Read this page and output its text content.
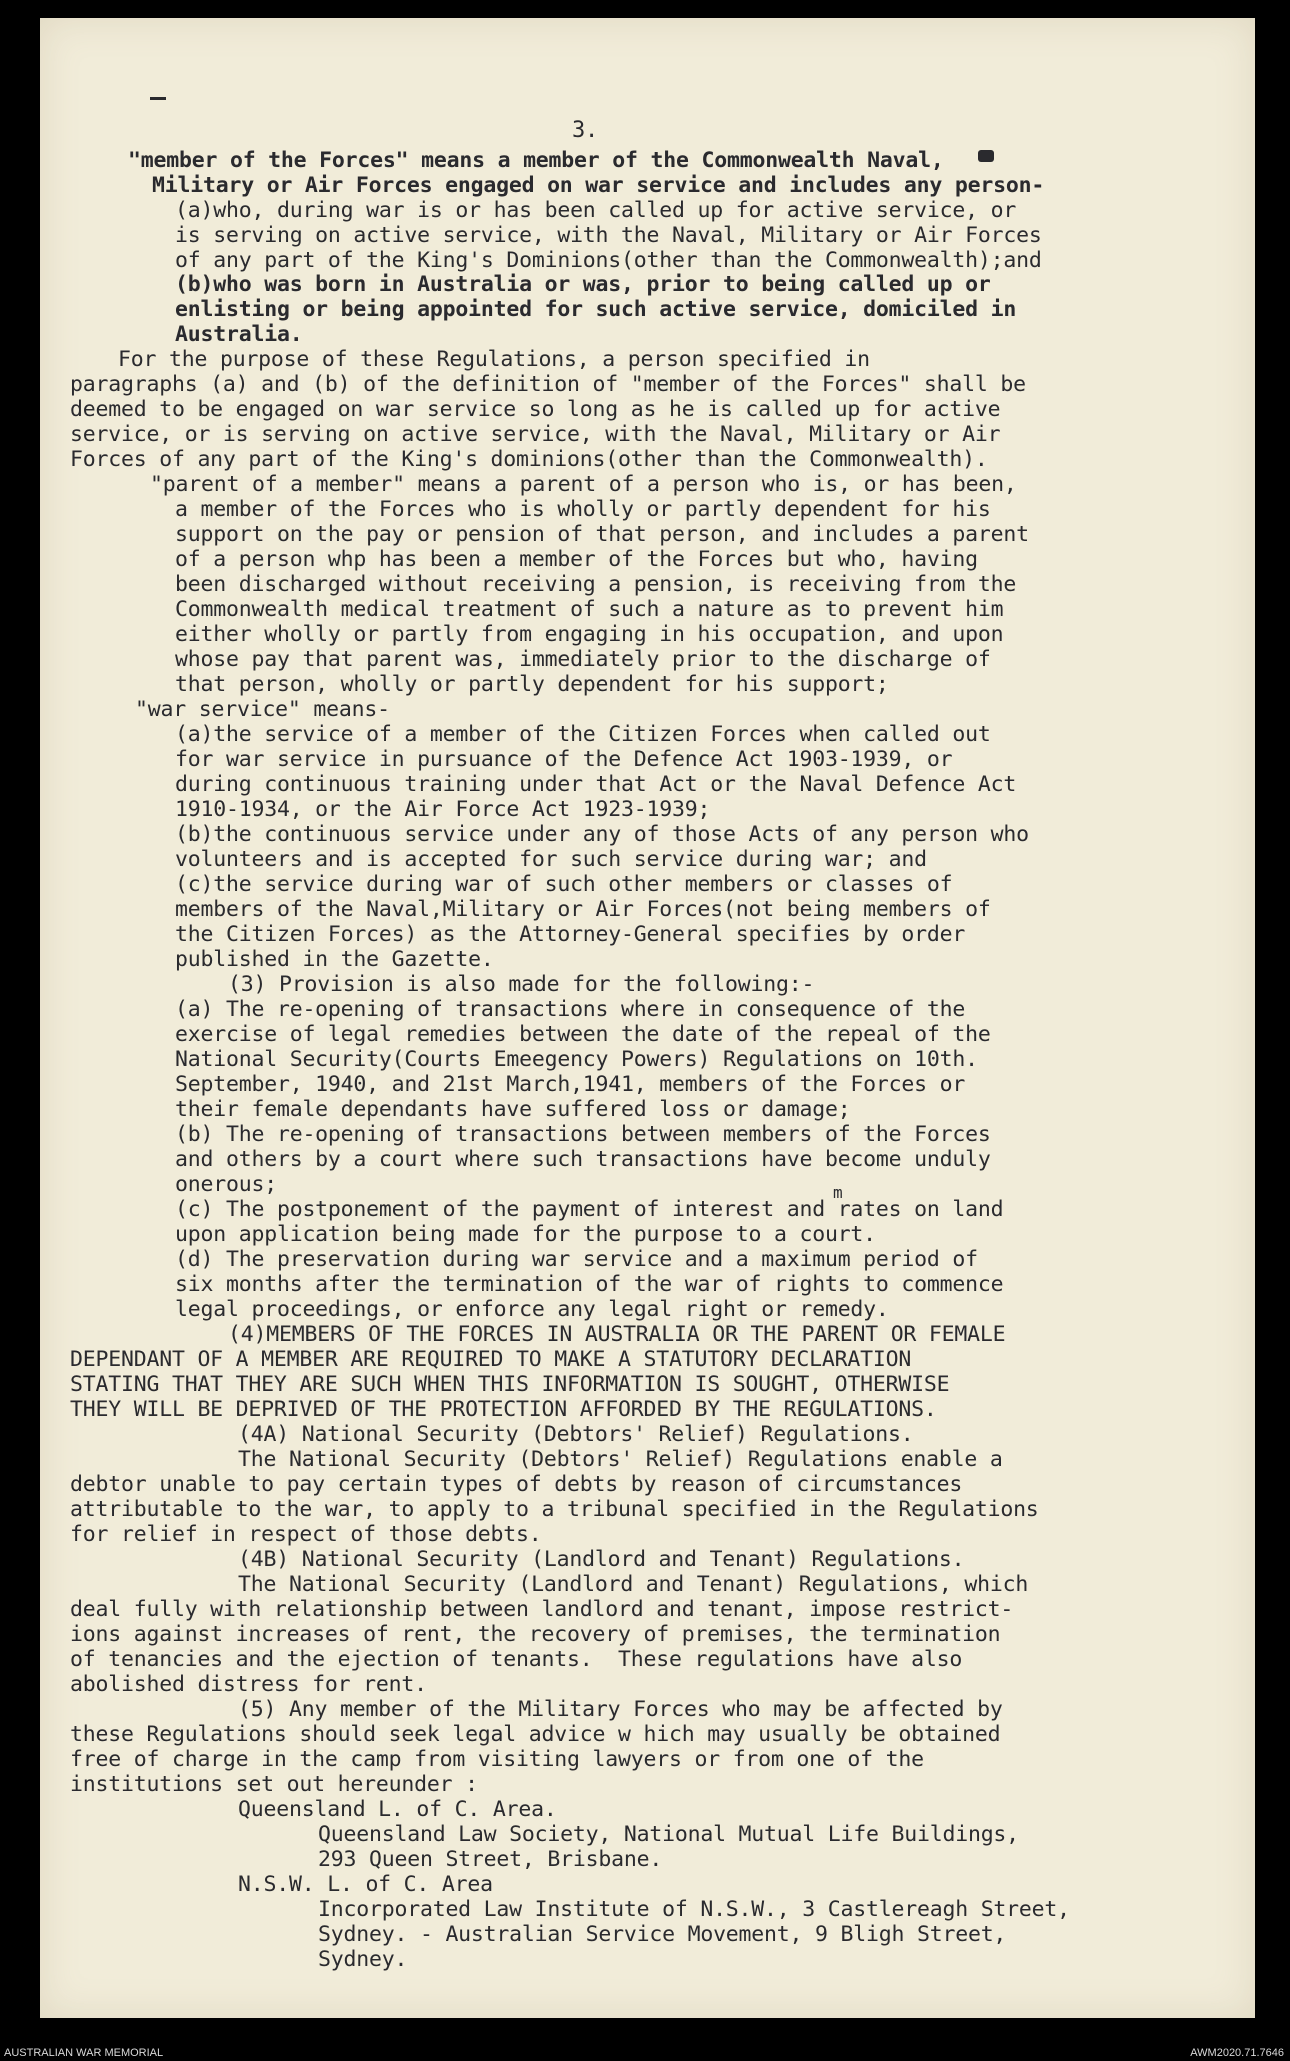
3.
"member of the Forces" means a member of the Commonwealth Naval,
Military or Air Forces engaged on war service and includes any person-
(a)who, during war is or has been called up for active service, or
is serving on active service, with the Naval, Military or Air Forces
of any part of the King's Dominions(other than the Commonwealth);and
(b)who was born in Australia or was, prior to being called up or
enlisting or being appointed for such active service, domiciled in
Australia.
For the purpose of these Regulations, a person specified in
paragraphs (a) and (b) of the definition of "member of the Forces" shall be
deemed to be engaged on war service so long as he is called up for active
service, or is serving on active service, with the Naval, Military or Air
Forces of any part of the King's dominions(other than the Commonwealth).
"parent of a member" means a parent of a person who is, or has been,
a member of the Forces who is wholly or partly dependent for his
support on the pay or pension of that person, and includes a parent
of a person whp has been a member of the Forces but who, having
been discharged without receiving a pension, is receiving from the
Commonwealth medical treatment of such a nature as to prevent him
either wholly or partly from engaging in his occupation, and upon
whose pay that parent was, immediately prior to the discharge of
that person, wholly or partly dependent for his support;
"war service" means-
(a)the service of a member of the Citizen Forces when called out
for war service in pursuance of the Defence Act 1903-1939, or
during continuous training under that Act or the Naval Defence Act
1910-1934, or the Air Force Act 1923-1939;
(b)the continuous service under any of those Acts of any person who
volunteers and is accepted for such service during war; and
(c)the service during war of such other members or classes of
members of the Naval,Military or Air Forces(not being members of
the Citizen Forces) as the Attorney-General specifies by order
published in the Gazette.
(3) Provision is also made for the following:-
(a) The re-opening of transactions where in consequence of the
exercise of legal remedies between the date of the repeal of the
National Security(Courts Emeegency Powers) Regulations on 10th.
September, 1940, and 21st March,1941, members of the Forces or
their female dependants have suffered loss or damage;
(b) The re-opening of transactions between members of the Forces
and others by a court where such transactions have become unduly
onerous;	m
(c) The postponement of the payment of interest and rates on land
upon application being made for the purpose to a court.
(d) The preservation during war service and a maximum period of
six months after the termination of the war of rights to commence
legal proceedings, or enforce any legal right or remedy.
(4)MEMBERS OF THE FORCES IN AUSTRALIA OR THE PARENT OR FEMALE
DEPENDANT OF A MEMBER ARE REQUIRED TO MAKE A STATUTORY DECLARATION
STATING THAT THEY ARE SUCH WHEN THIS INFORMATION IS SOUGHT, OTHERWISE
THEY WILL BE DEPRIVED OF THE PROTECTION AFFORDED BY THE REGULATIONS.
(4A) National Security (Debtors' Relief) Regulations.
The National Security (Debtors' Relief) Regulations enable a
debtor unable to pay certain types of debts by reason of circumstances
attributable to the war, to apply to a tribunal specified in the Regulations
for relief in respect of those debts.
(4B) National Security (Landlord and Tenant) Regulations.
The National Security (Landlord and Tenant) Regulations, which
deal fully with relationship between landlord and tenant, impose restrict-
ions against increases of rent, the recovery of premises, the termination
of tenancies and the ejection of tenants.  These regulations have also
abolished distress for rent.
(5) Any member of the Military Forces who may be affected by
these Regulations should seek legal advice w hich may usually be obtained
free of charge in the camp from visiting lawyers or from one of the
institutions set out hereunder :
Queensland L. of C. Area.
Queensland Law Society, National Mutual Life Buildings,
293 Queen Street, Brisbane.
N.S.W. L. of C. Area
Incorporated Law Institute of N.S.W., 3 Castlereagh Street,
Sydney. - Australian Service Movement, 9 Bligh Street,
Sydney.
AUSTRALIAN WAR MEMORIAL	AWM2020.71.7646
